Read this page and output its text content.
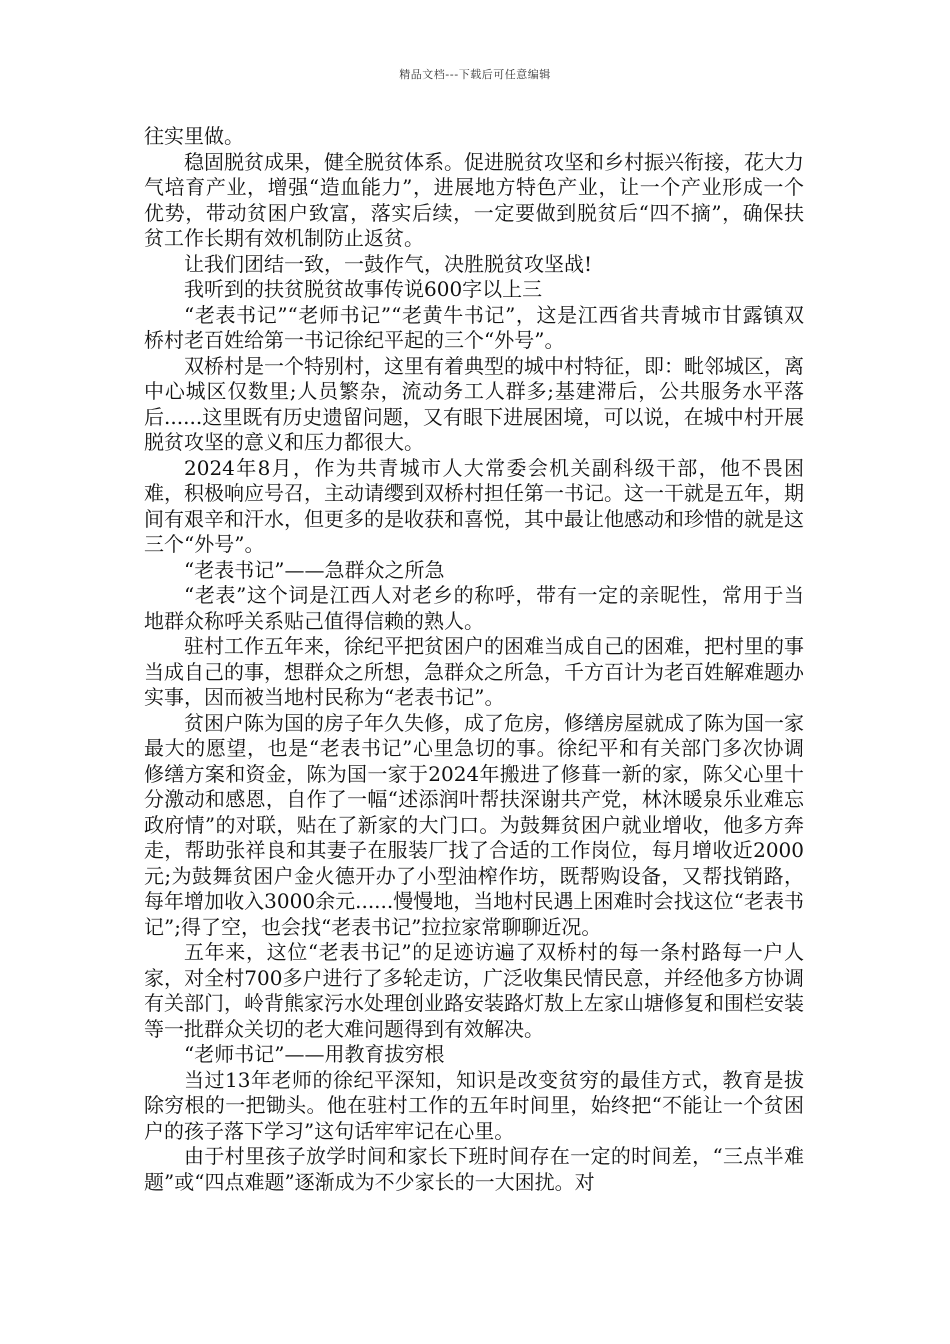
精品文档---下载后可任意编辑

往实里做。

稳固脱贫成果，健全脱贫体系。促进脱贫攻坚和乡村振兴衔接，花大力气培育产业，增强“造血能力”，进展地方特色产业，让一个产业形成一个优势，带动贫困户致富，落实后续，一定要做到脱贫后“四不摘”，确保扶贫工作长期有效机制防止返贫。

让我们团结一致，一鼓作气，决胜脱贫攻坚战!

我听到的扶贫脱贫故事传说600字以上三

“老表书记”“老师书记”“老黄牛书记”，这是江西省共青城市甘露镇双桥村老百姓给第一书记徐纪平起的三个“外号”。

双桥村是一个特别村，这里有着典型的城中村特征，即：毗邻城区，离中心城区仅数里;人员繁杂，流动务工人群多;基建滞后，公共服务水平落后......这里既有历史遗留问题，又有眼下进展困境，可以说，在城中村开展脱贫攻坚的意义和压力都很大。

2024年8月，作为共青城市人大常委会机关副科级干部，他不畏困难，积极响应号召，主动请缨到双桥村担任第一书记。这一干就是五年，期间有艰辛和汗水，但更多的是收获和喜悦，其中最让他感动和珍惜的就是这三个“外号”。

“老表书记”——急群众之所急

“老表”这个词是江西人对老乡的称呼，带有一定的亲昵性，常用于当地群众称呼关系贴己值得信赖的熟人。

驻村工作五年来，徐纪平把贫困户的困难当成自己的困难，把村里的事当成自己的事，想群众之所想，急群众之所急，千方百计为老百姓解难题办实事，因而被当地村民称为“老表书记”。

贫困户陈为国的房子年久失修，成了危房，修缮房屋就成了陈为国一家最大的愿望，也是“老表书记”心里急切的事。徐纪平和有关部门多次协调修缮方案和资金，陈为国一家于2024年搬进了修葺一新的家，陈父心里十分激动和感恩，自作了一幅“述添润叶帮扶深谢共产党，林沐暖泉乐业难忘政府情”的对联，贴在了新家的大门口。为鼓舞贫困户就业增收，他多方奔走，帮助张祥良和其妻子在服装厂找了合适的工作岗位，每月增收近2000元;为鼓舞贫困户金火德开办了小型油榨作坊，既帮购设备，又帮找销路，每年增加收入3000余元......慢慢地，当地村民遇上困难时会找这位“老表书记”;得了空，也会找“老表书记”拉拉家常聊聊近况。

五年来，这位“老表书记”的足迹访遍了双桥村的每一条村路每一户人家，对全村700多户进行了多轮走访，广泛收集民情民意，并经他多方协调有关部门，岭背熊家污水处理创业路安装路灯敖上左家山塘修复和围栏安装等一批群众关切的老大难问题得到有效解决。

“老师书记”——用教育拔穷根

当过13年老师的徐纪平深知，知识是改变贫穷的最佳方式，教育是拔除穷根的一把锄头。他在驻村工作的五年时间里，始终把“不能让一个贫困户的孩子落下学习”这句话牢牢记在心里。

由于村里孩子放学时间和家长下班时间存在一定的时间差，“三点半难题”或“四点难题”逐渐成为不少家长的一大困扰。对
